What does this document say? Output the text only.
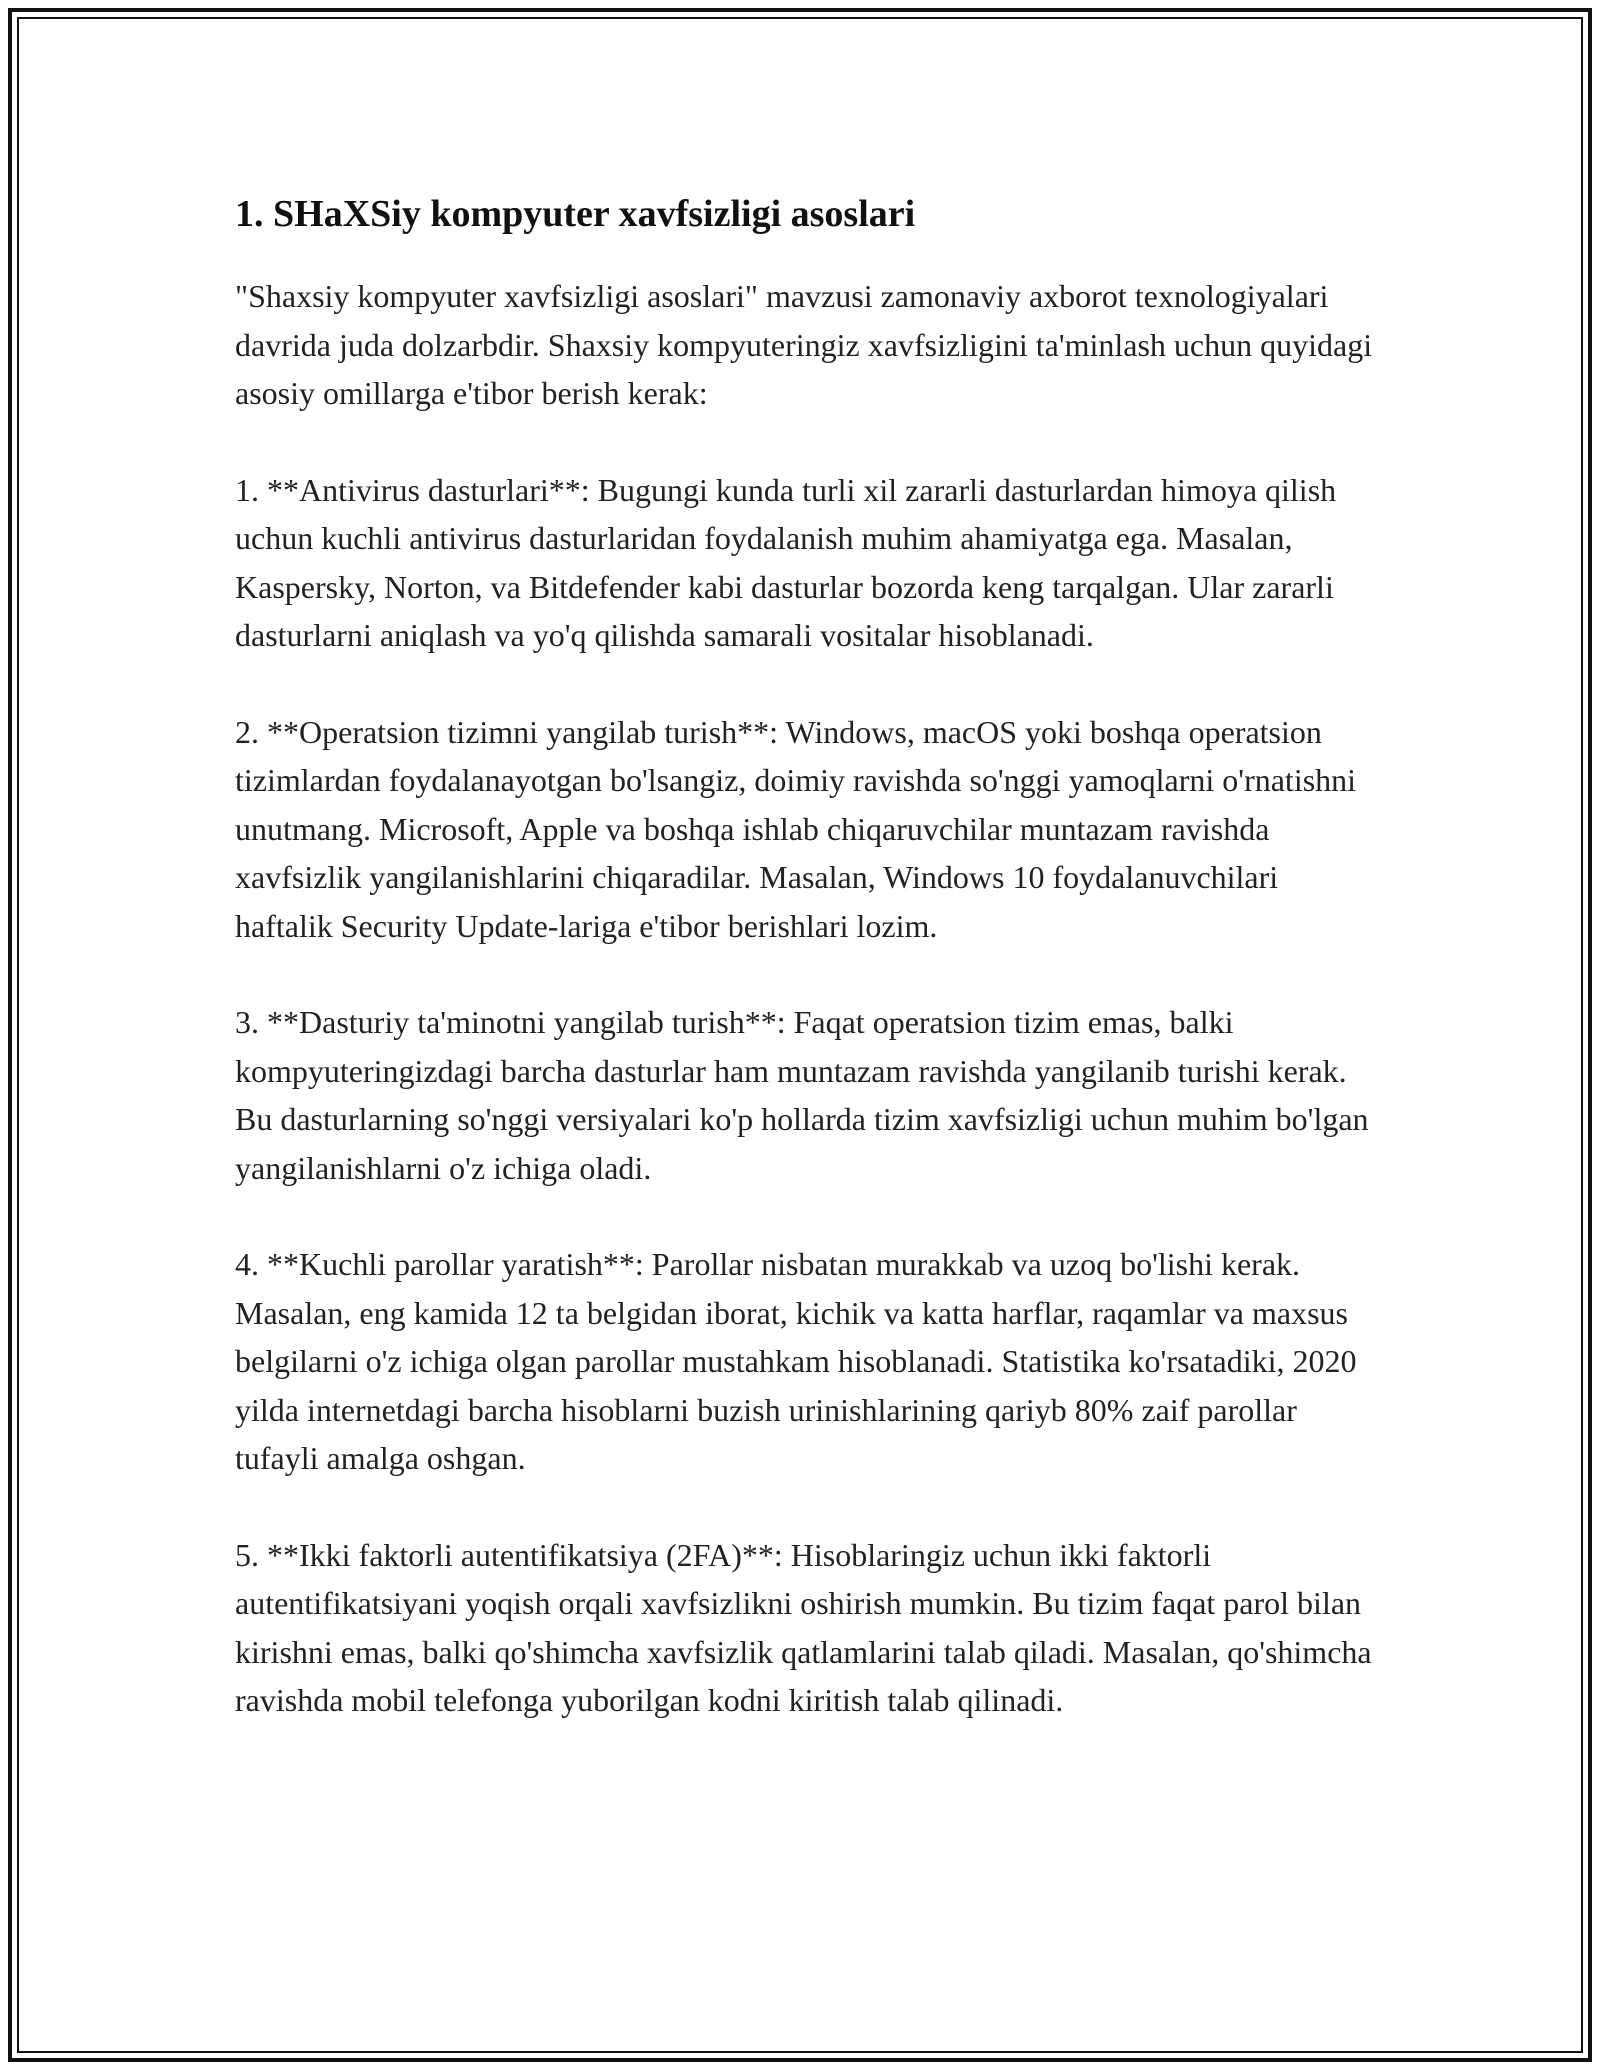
1. SHaXSiy kompyuter xavfsizligi asoslari

"Shaxsiy kompyuter xavfsizligi asoslari" mavzusi zamonaviy axborot texnologiyalari davrida juda dolzarbdir. Shaxsiy kompyuteringiz xavfsizligini ta'minlash uchun quyidagi asosiy omillarga e'tibor berish kerak:

1. **Antivirus dasturlari**: Bugungi kunda turli xil zararli dasturlardan himoya qilish uchun kuchli antivirus dasturlaridan foydalanish muhim ahamiyatga ega. Masalan, Kaspersky, Norton, va Bitdefender kabi dasturlar bozorda keng tarqalgan. Ular zararli dasturlarni aniqlash va yo'q qilishda samarali vositalar hisoblanadi.

2. **Operatsion tizimni yangilab turish**: Windows, macOS yoki boshqa operatsion tizimlardan foydalanayotgan bo'lsangiz, doimiy ravishda so'nggi yamoqlarni o'rnatishni unutmang. Microsoft, Apple va boshqa ishlab chiqaruvchilar muntazam ravishda xavfsizlik yangilanishlarini chiqaradilar. Masalan, Windows 10 foydalanuvchilari haftalik Security Update-lariga e'tibor berishlari lozim.

3. **Dasturiy ta'minotni yangilab turish**: Faqat operatsion tizim emas, balki kompyuteringizdagi barcha dasturlar ham muntazam ravishda yangilanib turishi kerak. Bu dasturlarning so'nggi versiyalari ko'p hollarda tizim xavfsizligi uchun muhim bo'lgan yangilanishlarni o'z ichiga oladi.

4. **Kuchli parollar yaratish**: Parollar nisbatan murakkab va uzoq bo'lishi kerak. Masalan, eng kamida 12 ta belgidan iborat, kichik va katta harflar, raqamlar va maxsus belgilarni o'z ichiga olgan parollar mustahkam hisoblanadi. Statistika ko'rsatadiki, 2020 yilda internetdagi barcha hisoblarni buzish urinishlarining qariyb 80% zaif parollar tufayli amalga oshgan.

5. **Ikki faktorli autentifikatsiya (2FA)**: Hisoblaringiz uchun ikki faktorli autentifikatsiyani yoqish orqali xavfsizlikni oshirish mumkin. Bu tizim faqat parol bilan kirishni emas, balki qo'shimcha xavfsizlik qatlamlarini talab qiladi. Masalan, qo'shimcha ravishda mobil telefonga yuborilgan kodni kiritish talab qilinadi.
